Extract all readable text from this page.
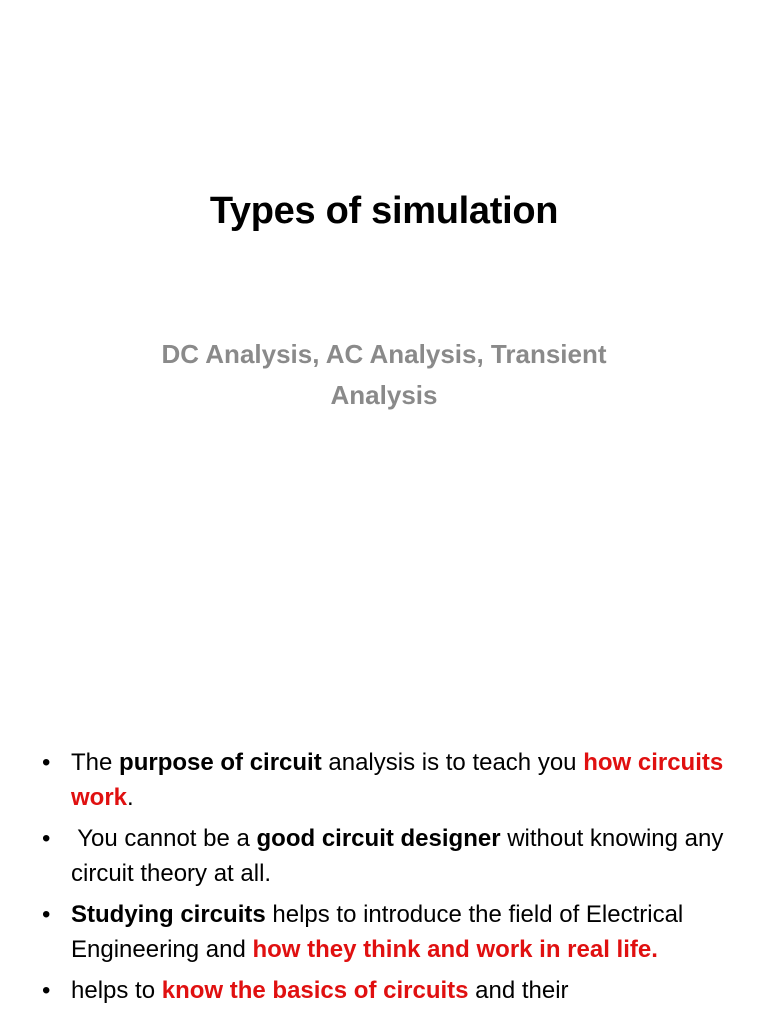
Types of simulation

DC Analysis, AC Analysis, Transient Analysis

• The purpose of circuit analysis is to teach you how circuits work.
• You cannot be a good circuit designer without knowing any circuit theory at all.
• Studying circuits helps to introduce the field of Electrical Engineering and how they think and work in real life.
• helps to know the basics of circuits and their
